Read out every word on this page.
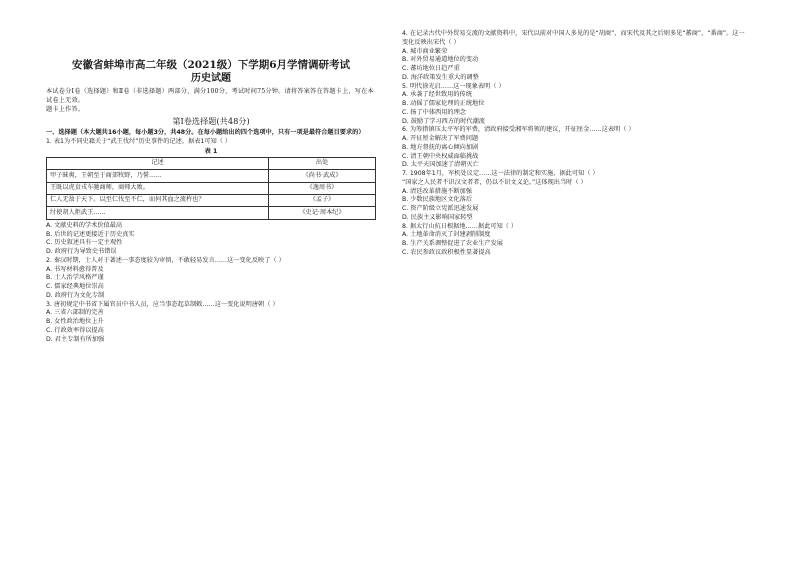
安徽省蚌埠市高二年级（2021级）下学期6月学情调研考试
历史试题

本试卷分Ⅰ卷（选择题）和Ⅱ卷（非选择题）两部分，满分100分，考试时间75分钟。请将答案答在答题卡上，写在本试卷上无效。

题卡上作答。

第Ⅰ卷选择题(共48分)

一、选择题（本大题共16小题，每小题3分，共48分。在每小题给出的四个选项中，只有一项是最符合题目要求的）

1. 表1为不同史籍关于“武王伐纣”历史事件的记述。据表1可知（ ）

表 1
记述	出处
甲子昧爽，王朝至于商郊牧野，乃誓……	《尚书·武成》
王既以虎贲戎车驰商师，商师大败。	《逸周书》
仁人无敌于天下。以至仁伐至不仁，而何其血之流杵也？	《孟子》
纣使胡人拒武王……	《史记·周本纪》

A. 文献史料的学术价值最高

B. 后世的记述更接近于历史真实

C. 历史叙述具有一定主观性

D. 政府行为导致史书错误

2. 秦汉时期，士人对于著述一事态度较为审慎，不敢轻易发言……这一变化反映了（ ）

A. 书写材料愈得普及

B. 士人治学风格严谨

C. 儒家经典地位崇高

D. 政府行为文化专制

3. 唐初规定中书省下属官员中书人员，应当事态起草制敕……这一变化说明唐朝（ ）

A. 三省六部制的完善

B. 女性政治地位上升

C. 行政效率得以提高

D. 君主专制有所加强

4. 在记录古代中外贸易交流的文献资料中，宋代以前对中国人多见的是“胡商”，而宋代及其之后则多见“蕃商”，“番商”。这一变化反映出宋代（ ）

A. 城市商业繁荣

B. 对外贸易通道地位的变动

C. 蕃坊地位日趋严重

D. 海洋政策发生重大的调整

5. 明代徐光启……这一现象表明（ ）

A. 承袭了经世致用的传统

B. 动摇了儒家伦理的正统地位

C. 扬了中体西用的理念

D. 鼓励了学习西方的时代潮流

6. 为筹措镇压太平军的军费，清政府接受湘军将领的建议，开征厘金……这表明（ ）

A. 开征厘金解决了军费问题

B. 地方督抚的离心倾向加剧

C. 清王朝中央权威面临挑战

D. 太平天国加速了清朝灭亡

7. 1908年1月，军机处议定……这一法律的制定和实施，据此可知（ ）

“国家之人民者不识汉文者者，仍以不识文义论。”这体现出当时（ ）

A. 清廷改革措施不断加强

B. 少数民族地区文化落后

C. 资产阶级立宪派迅速发展

D. 民族主义影响国家转型

8. 据太行山抗日根据地……据此可知（ ）

A. 土地革命消灭了封建剥削制度

B. 生产关系调整促进了农业生产发展

C. 农民参政议政积极性显著提高
